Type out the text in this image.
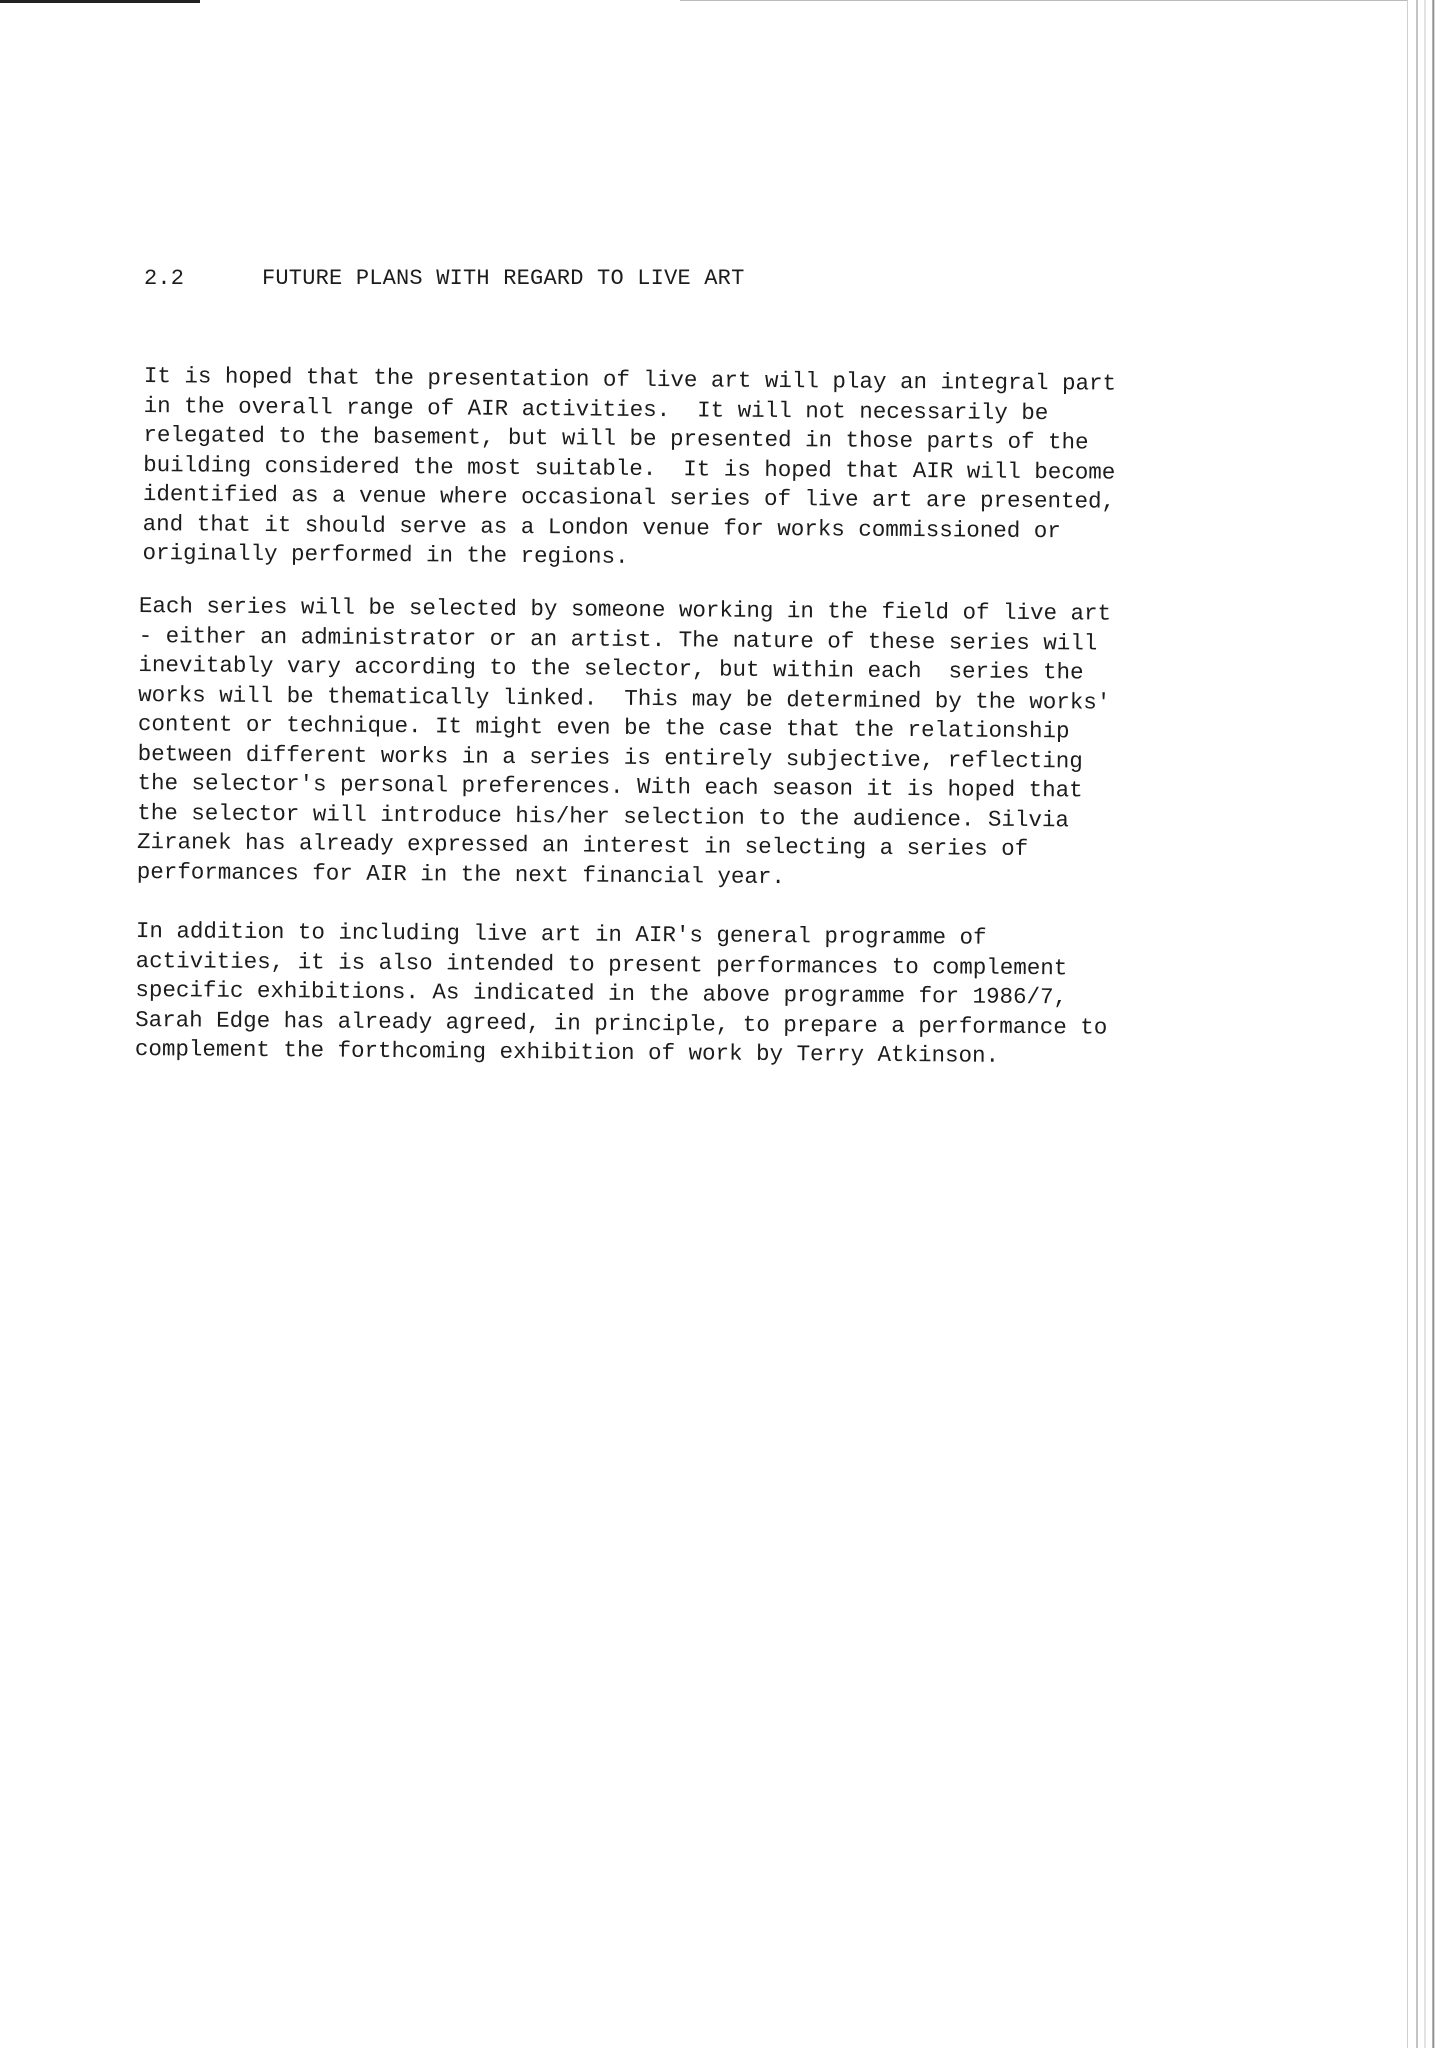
2.2	FUTURE PLANS WITH REGARD TO LIVE ART
It is hoped that the presentation of live art will play an integral part
in the overall range of AIR activities.  It will not necessarily be
relegated to the basement, but will be presented in those parts of the
building considered the most suitable.  It is hoped that AIR will become
identified as a venue where occasional series of live art are presented,
and that it should serve as a London venue for works commissioned or
originally performed in the regions.
Each series will be selected by someone working in the field of live art
- either an administrator or an artist. The nature of these series will
inevitably vary according to the selector, but within each  series the
works will be thematically linked.  This may be determined by the works'
content or technique. It might even be the case that the relationship
between different works in a series is entirely subjective, reflecting
the selector's personal preferences. With each season it is hoped that
the selector will introduce his/her selection to the audience. Silvia
Ziranek has already expressed an interest in selecting a series of
performances for AIR in the next financial year.
In addition to including live art in AIR's general programme of
activities, it is also intended to present performances to complement
specific exhibitions. As indicated in the above programme for 1986/7,
Sarah Edge has already agreed, in principle, to prepare a performance to
complement the forthcoming exhibition of work by Terry Atkinson.
